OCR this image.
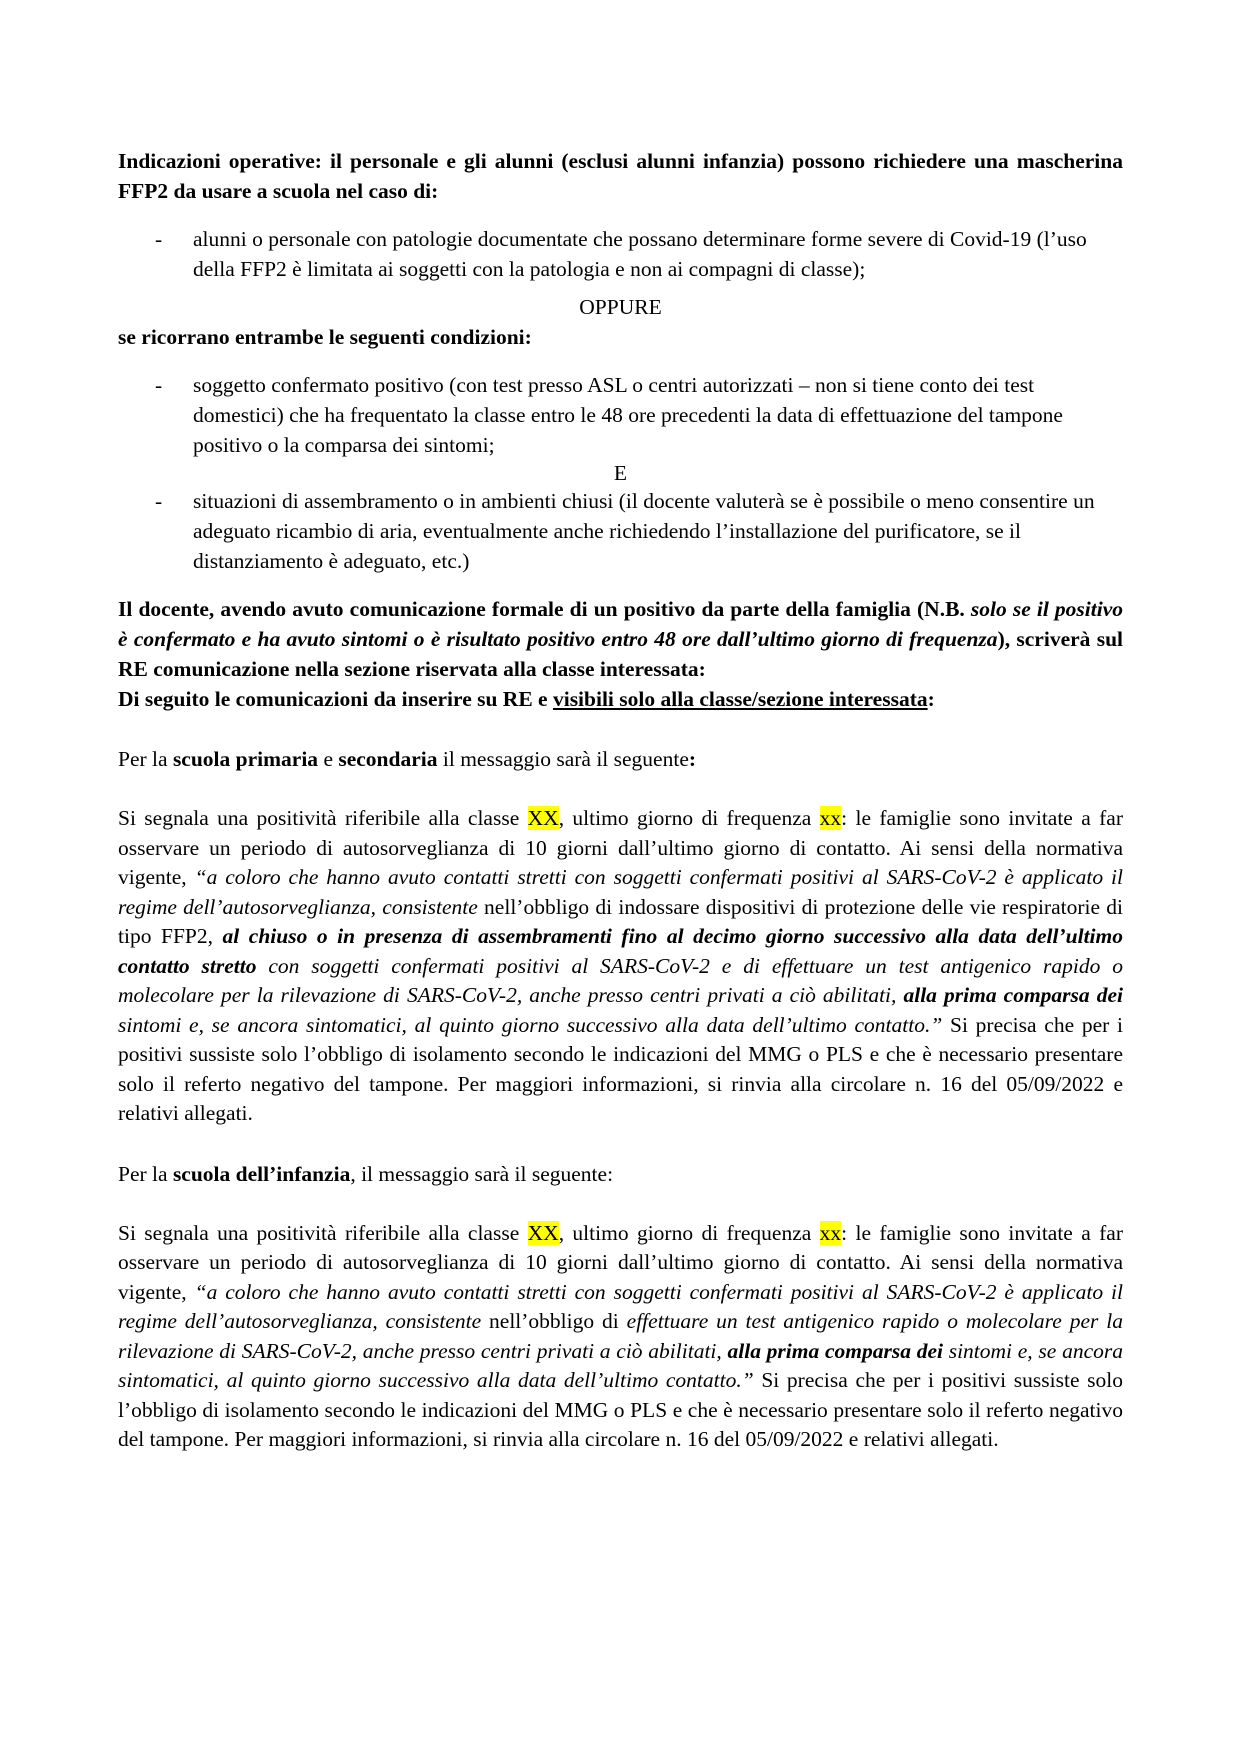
Indicazioni operative: il personale e gli alunni (esclusi alunni infanzia) possono richiedere una mascherina FFP2 da usare a scuola nel caso di:

- alunni o personale con patologie documentate che possano determinare forme severe di Covid-19 (l’uso della FFP2 è limitata ai soggetti con la patologia e non ai compagni di classe);

OPPURE

se ricorrano entrambe le seguenti condizioni:

- soggetto confermato positivo (con test presso ASL o centri autorizzati – non si tiene conto dei test domestici) che ha frequentato la classe entro le 48 ore precedenti la data di effettuazione del tampone positivo o la comparsa dei sintomi;
E
- situazioni di assembramento o in ambienti chiusi (il docente valuterà se è possibile o meno consentire un adeguato ricambio di aria, eventualmente anche richiedendo l’installazione del purificatore, se il distanziamento è adeguato, etc.)

Il docente, avendo avuto comunicazione formale di un positivo da parte della famiglia (N.B. solo se il positivo è confermato e ha avuto sintomi o è risultato positivo entro 48 ore dall’ultimo giorno di frequenza), scriverà sul RE comunicazione nella sezione riservata alla classe interessata:

Di seguito le comunicazioni da inserire su RE e visibili solo alla classe/sezione interessata:

Per la scuola primaria e secondaria il messaggio sarà il seguente:

Si segnala una positività riferibile alla classe XX, ultimo giorno di frequenza xx: le famiglie sono invitate a far osservare un periodo di autosorveglianza di 10 giorni dall’ultimo giorno di contatto. Ai sensi della normativa vigente, “a coloro che hanno avuto contatti stretti con soggetti confermati positivi al SARS-CoV-2 è applicato il regime dell’autosorveglianza, consistente nell’obbligo di indossare dispositivi di protezione delle vie respiratorie di tipo FFP2, al chiuso o in presenza di assembramenti fino al decimo giorno successivo alla data dell’ultimo contatto stretto con soggetti confermati positivi al SARS-CoV-2 e di effettuare un test antigenico rapido o molecolare per la rilevazione di SARS-CoV-2, anche presso centri privati a ciò abilitati, alla prima comparsa dei sintomi e, se ancora sintomatici, al quinto giorno successivo alla data dell’ultimo contatto.” Si precisa che per i positivi sussiste solo l’obbligo di isolamento secondo le indicazioni del MMG o PLS e che è necessario presentare solo il referto negativo del tampone. Per maggiori informazioni, si rinvia alla circolare n. 16 del 05/09/2022 e relativi allegati.

Per la scuola dell’infanzia, il messaggio sarà il seguente:

Si segnala una positività riferibile alla classe XX, ultimo giorno di frequenza xx: le famiglie sono invitate a far osservare un periodo di autosorveglianza di 10 giorni dall’ultimo giorno di contatto. Ai sensi della normativa vigente, “a coloro che hanno avuto contatti stretti con soggetti confermati positivi al SARS-CoV-2 è applicato il regime dell’autosorveglianza, consistente nell’obbligo di effettuare un test antigenico rapido o molecolare per la rilevazione di SARS-CoV-2, anche presso centri privati a ciò abilitati, alla prima comparsa dei sintomi e, se ancora sintomatici, al quinto giorno successivo alla data dell’ultimo contatto.” Si precisa che per i positivi sussiste solo l’obbligo di isolamento secondo le indicazioni del MMG o PLS e che è necessario presentare solo il referto negativo del tampone. Per maggiori informazioni, si rinvia alla circolare n. 16 del 05/09/2022 e relativi allegati.
